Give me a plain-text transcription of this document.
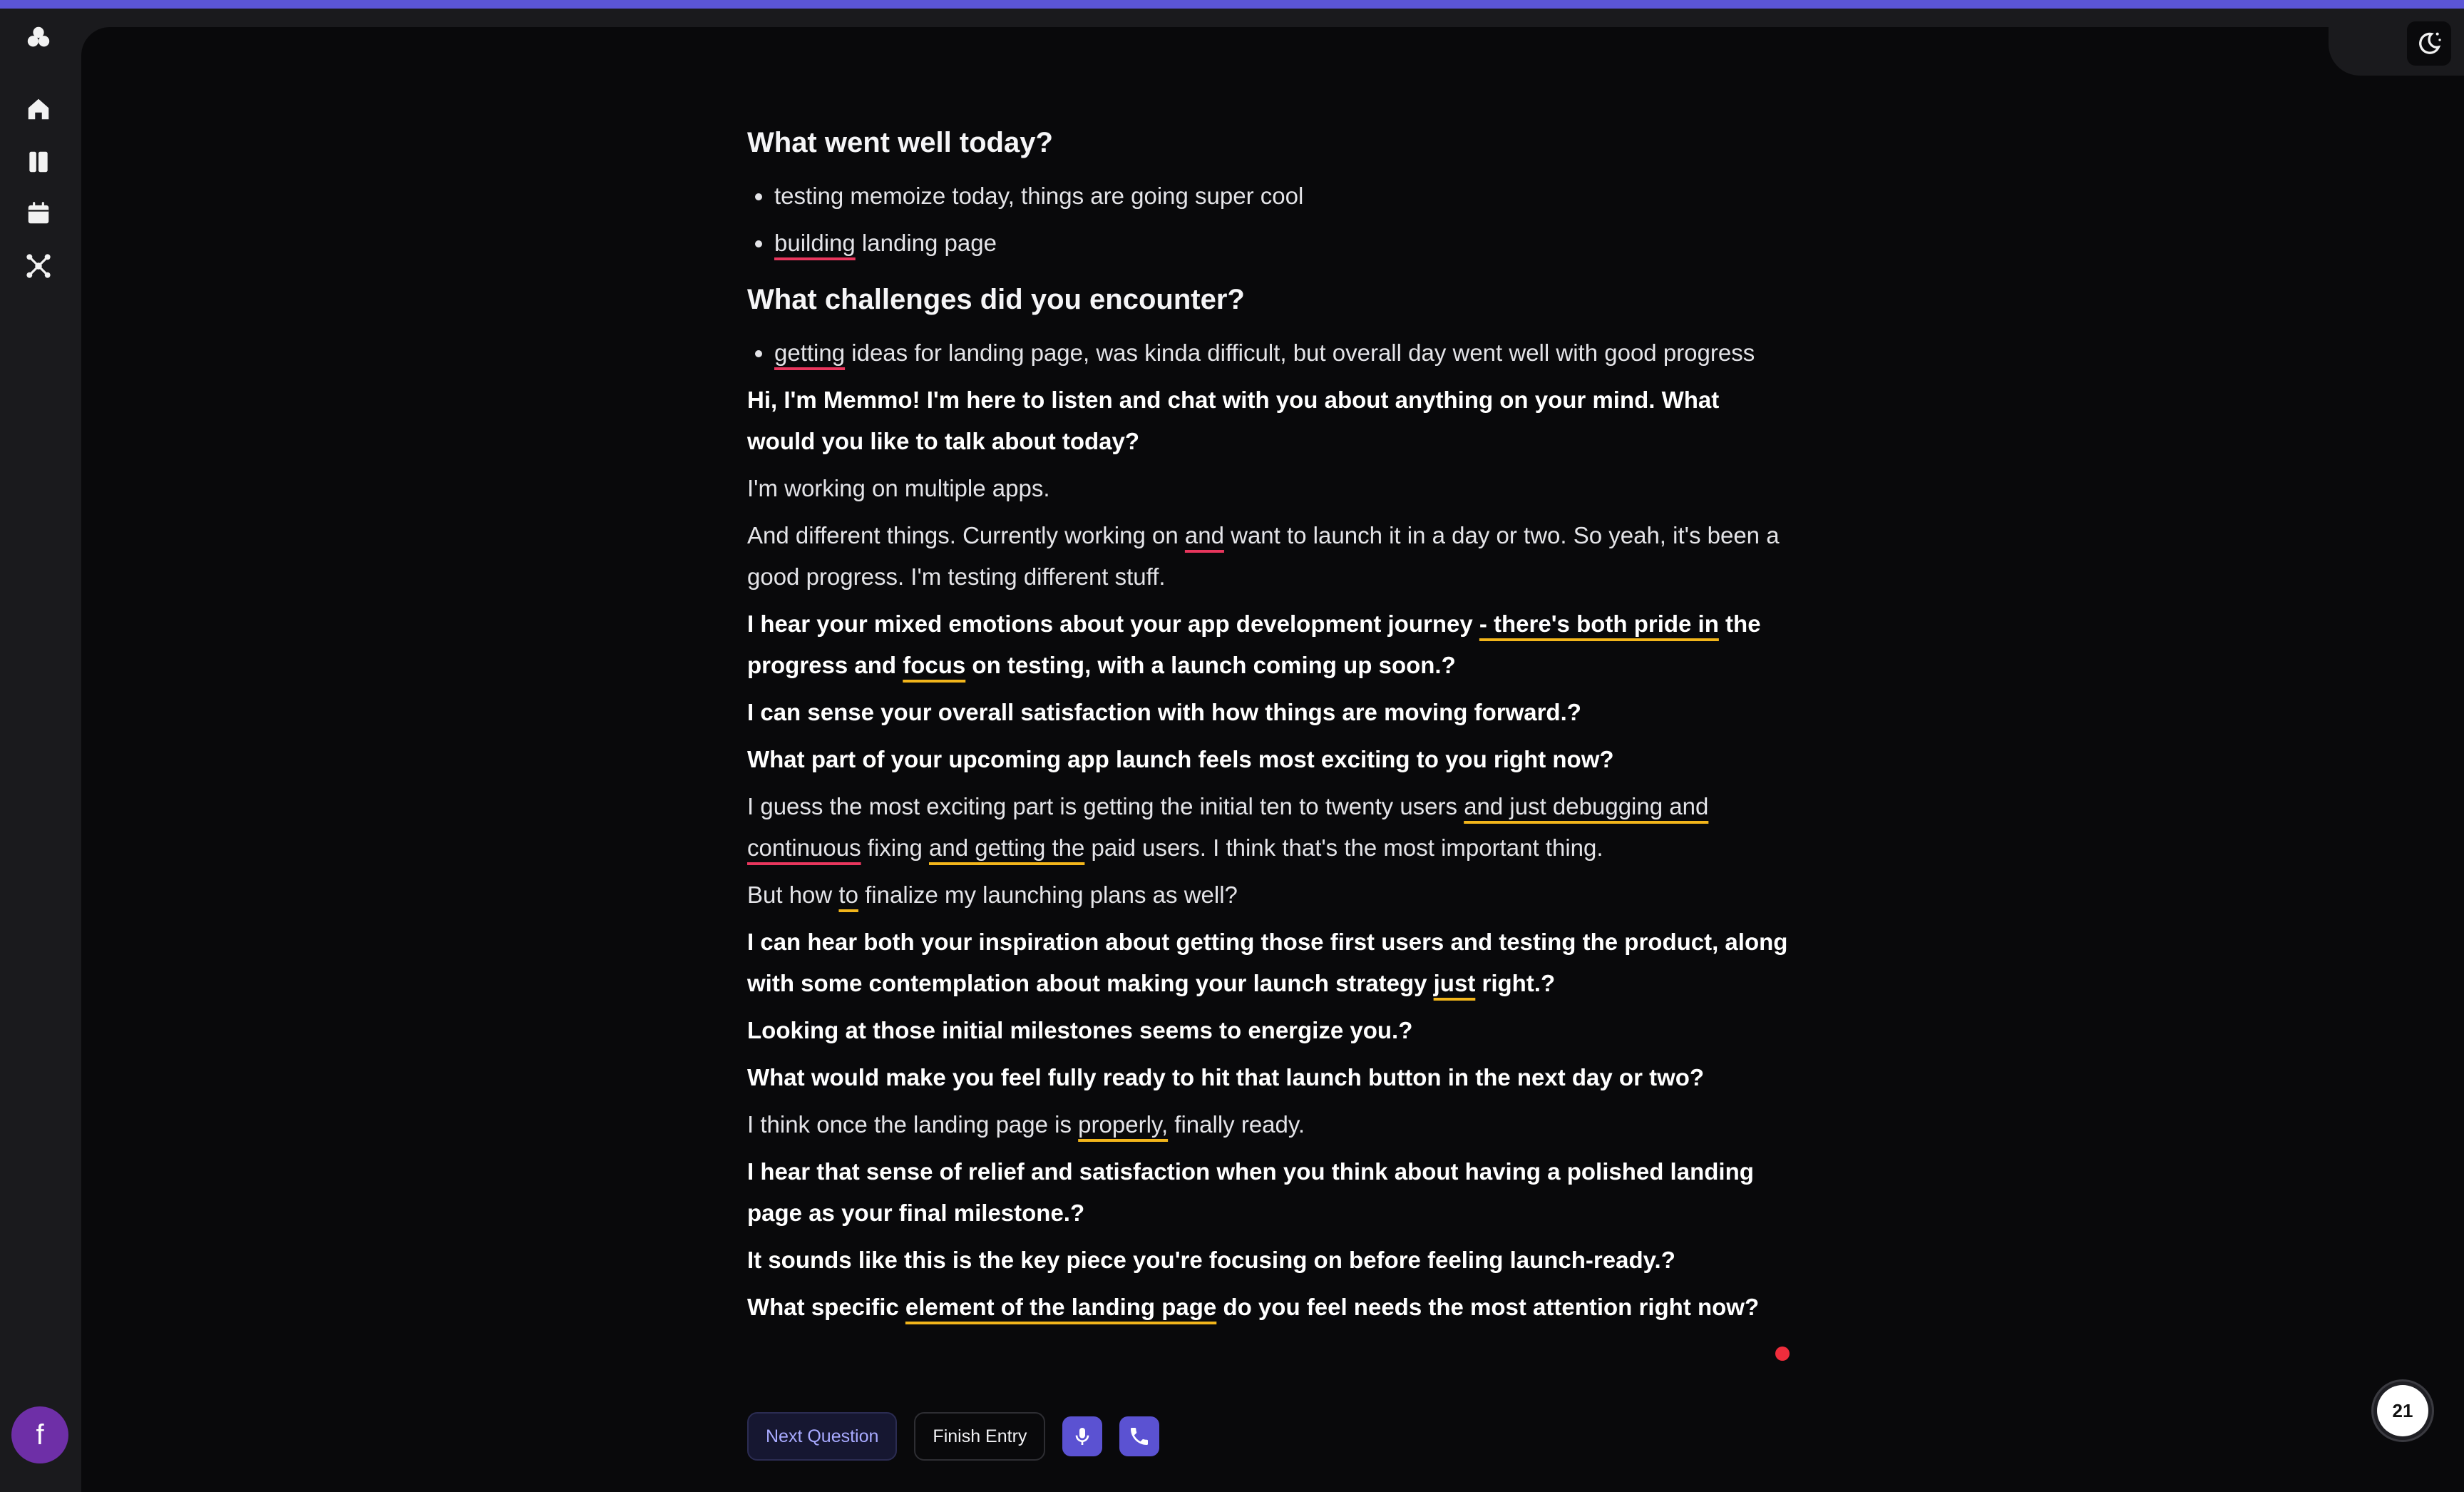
f
What went well today?
• testing memoize today, things are going super cool
• building landing page
What challenges did you encounter?
• getting ideas for landing page, was kinda difficult, but overall day went well with good progress

Hi, I'm Memmo! I'm here to listen and chat with you about anything on your mind. What would you like to talk about today?

I'm working on multiple apps.

And different things. Currently working on and want to launch it in a day or two. So yeah, it's been a good progress. I'm testing different stuff.

I hear your mixed emotions about your app development journey - there's both pride in the progress and focus on testing, with a launch coming up soon.?

I can sense your overall satisfaction with how things are moving forward.?

What part of your upcoming app launch feels most exciting to you right now?

I guess the most exciting part is getting the initial ten to twenty users and just debugging and continuous fixing and getting the paid users. I think that's the most important thing.

But how to finalize my launching plans as well?

I can hear both your inspiration about getting those first users and testing the product, along with some contemplation about making your launch strategy just right.?

Looking at those initial milestones seems to energize you.?

What would make you feel fully ready to hit that launch button in the next day or two?

I think once the landing page is properly, finally ready.

I hear that sense of relief and satisfaction when you think about having a polished landing page as your final milestone.?

It sounds like this is the key piece you're focusing on before feeling launch-ready.?

What specific element of the landing page do you feel needs the most attention right now?

Next Question	Finish Entry
21
